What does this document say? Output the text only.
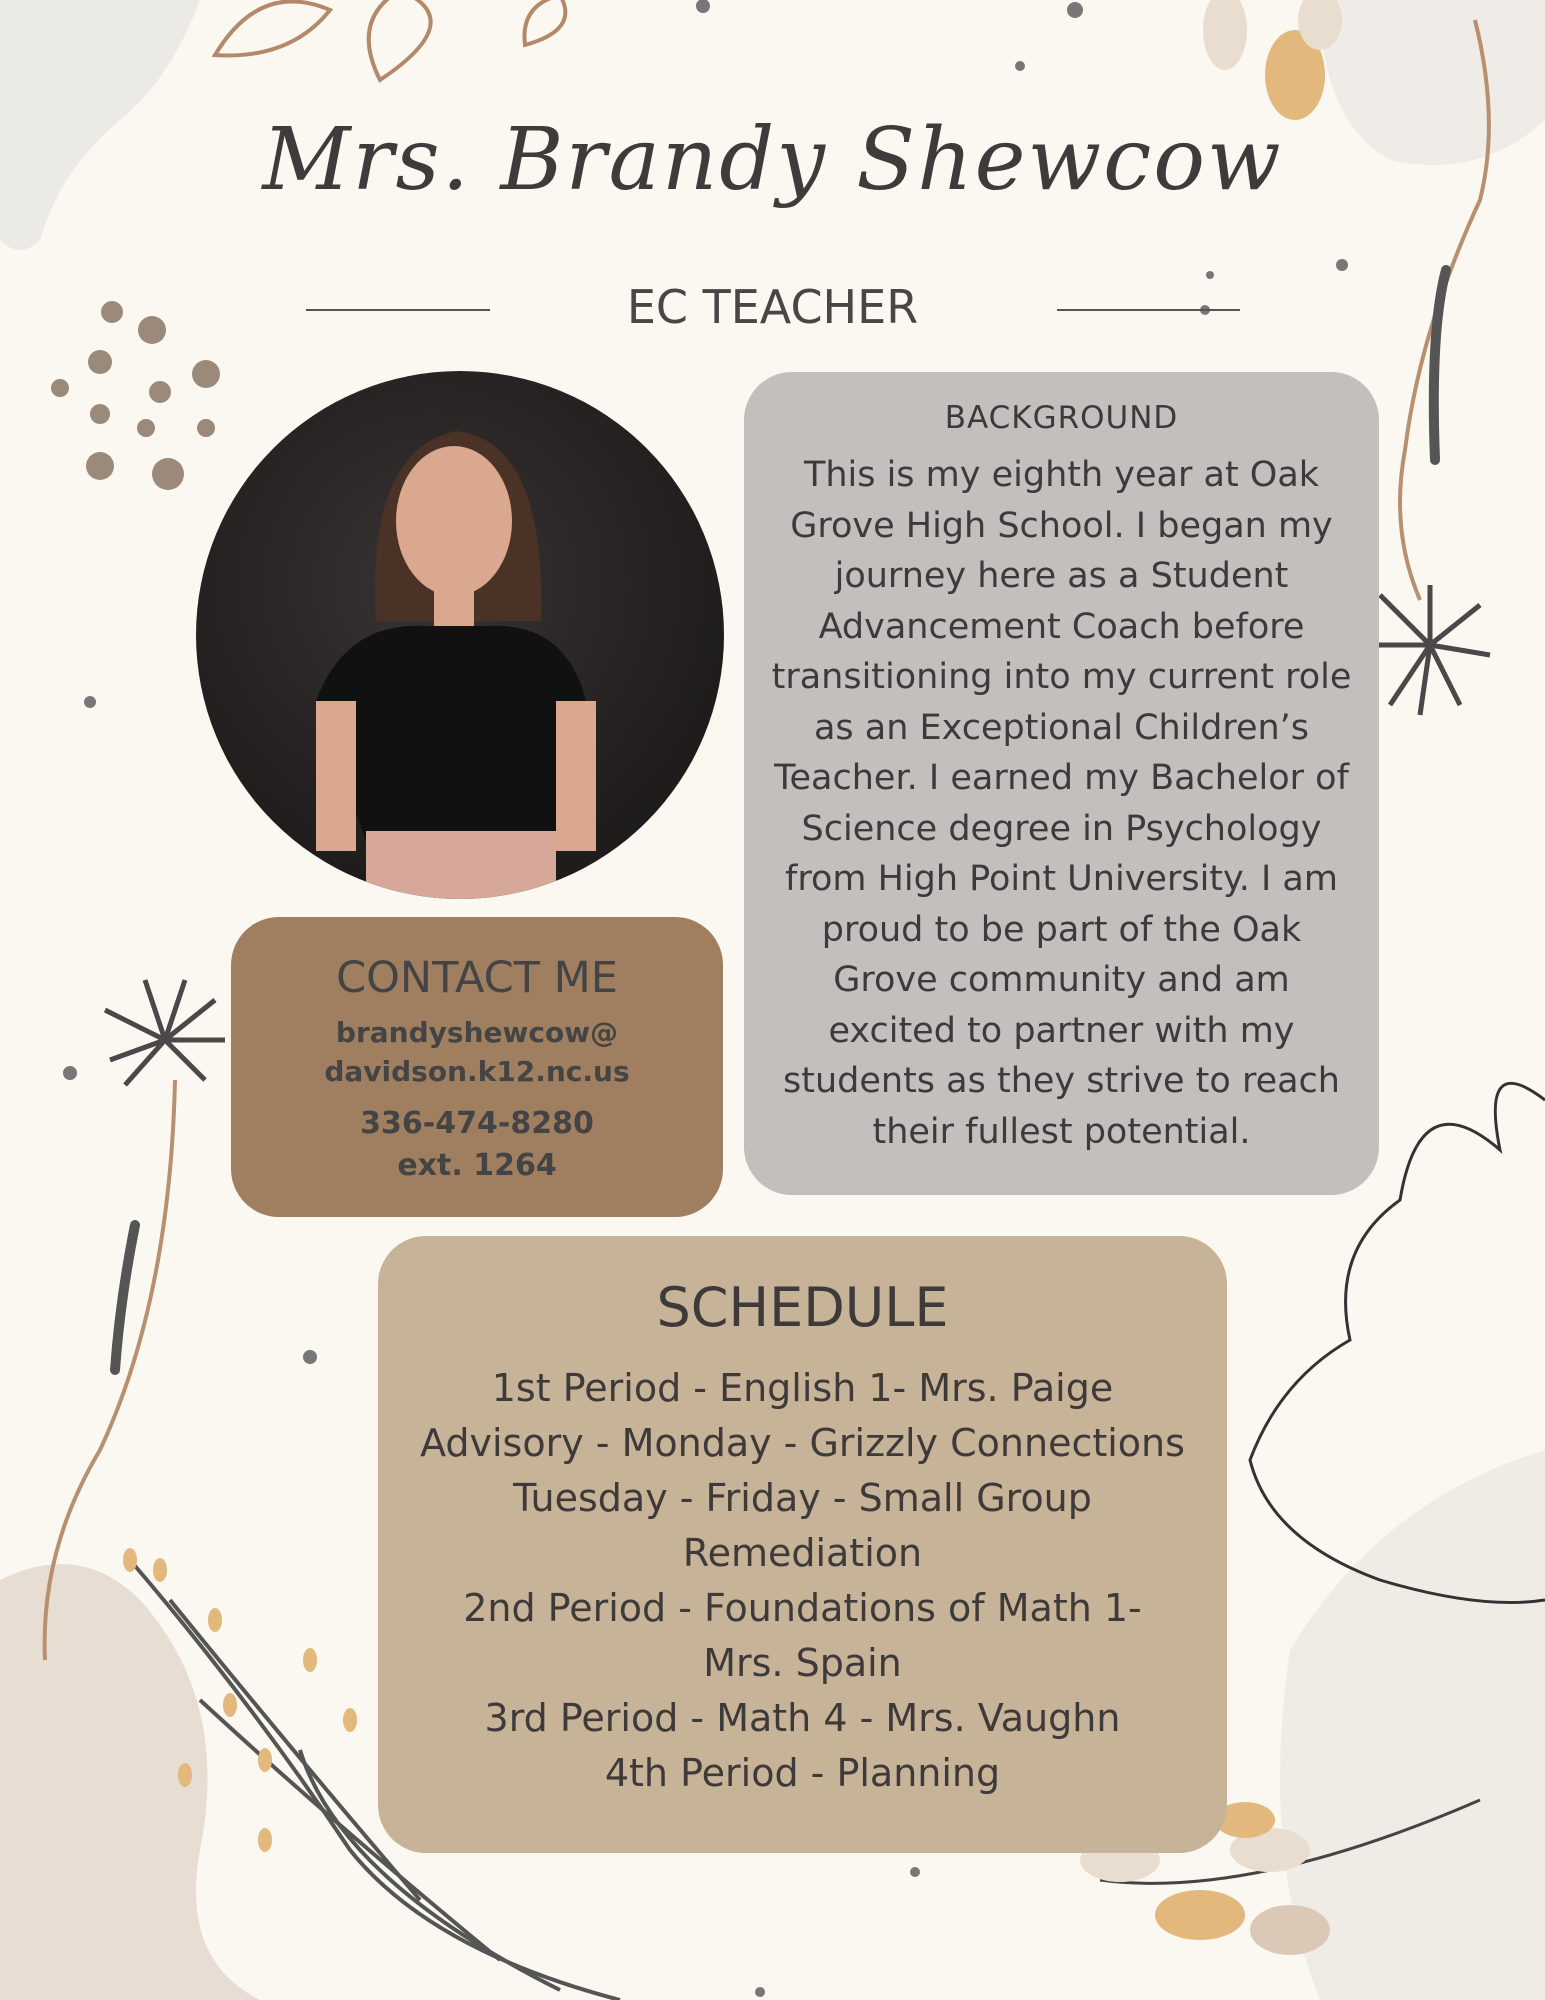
Mrs. Brandy Shewcow
EC TEACHER
BACKGROUND

This is my eighth year at Oak Grove High School. I began my journey here as a Student Advancement Coach before transitioning into my current role as an Exceptional Children’s Teacher. I earned my Bachelor of Science degree in Psychology from High Point University. I am proud to be part of the Oak Grove community and am excited to partner with my students as they strive to reach their fullest potential.

CONTACT ME
brandyshewcow@
davidson.k12.nc.us
336-474-8280
ext. 1264
SCHEDULE
1st Period - English 1- Mrs. Paige
Advisory - Monday - Grizzly Connections
Tuesday - Friday - Small Group
Remediation
2nd Period - Foundations of Math 1-
Mrs. Spain
3rd Period - Math 4 - Mrs. Vaughn
4th Period - Planning
